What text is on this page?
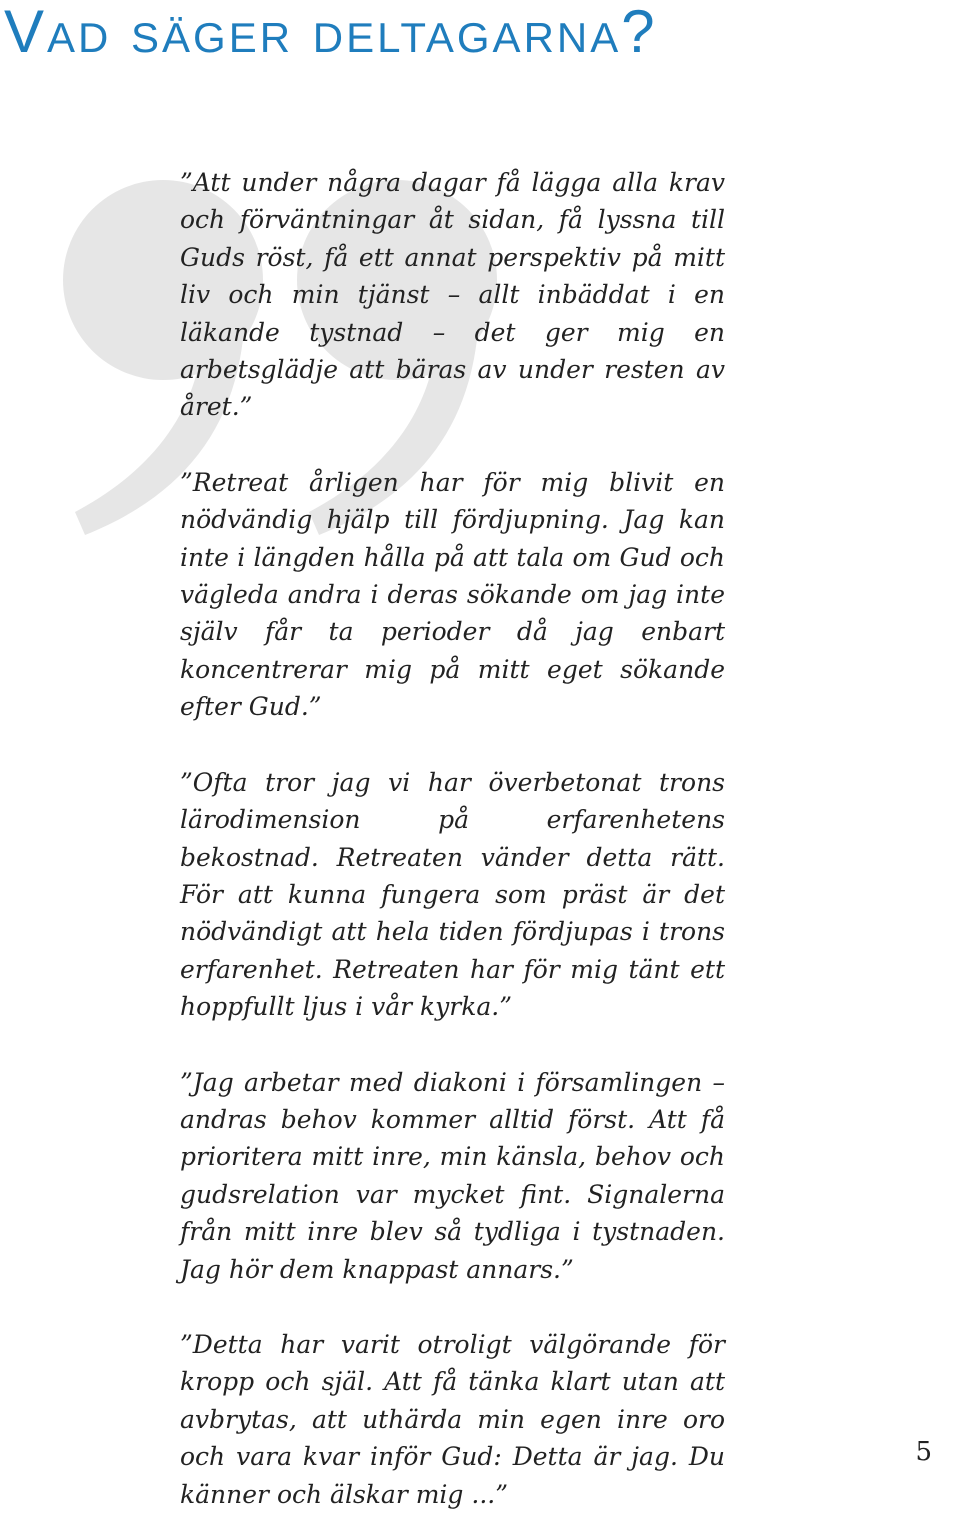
Vad säger deltagarna?

”Att under några dagar få lägga alla krav och förväntningar åt sidan, få lyssna till Guds röst, få ett annat perspektiv på mitt liv och min tjänst – allt inbäddat i en läkande tystnad – det ger mig en arbetsglädje att bäras av under resten av året.”

”Retreat årligen har för mig blivit en nödvändig hjälp till fördjupning. Jag kan inte i längden hålla på att tala om Gud och vägleda andra i deras sökande om jag inte själv får ta perioder då jag enbart koncentrerar mig på mitt eget sökande efter Gud.”

”Ofta tror jag vi har överbetonat trons lärodimension på erfarenhetens bekostnad. Retreaten vänder detta rätt. För att kunna fungera som präst är det nödvändigt att hela tiden fördjupas i trons erfarenhet. Retreaten har för mig tänt ett hoppfullt ljus i vår kyrka.”

”Jag arbetar med diakoni i församlingen – andras behov kommer alltid först. Att få prioritera mitt inre, min känsla, behov och gudsrelation var mycket fint. Signalerna från mitt inre blev så tydliga i tystnaden. Jag hör dem knappast annars.”

”Detta har varit otroligt välgörande för kropp och själ. Att få tänka klart utan att avbrytas, att uthärda min egen inre oro och vara kvar inför Gud: Detta är jag. Du känner och älskar mig ...”

5
